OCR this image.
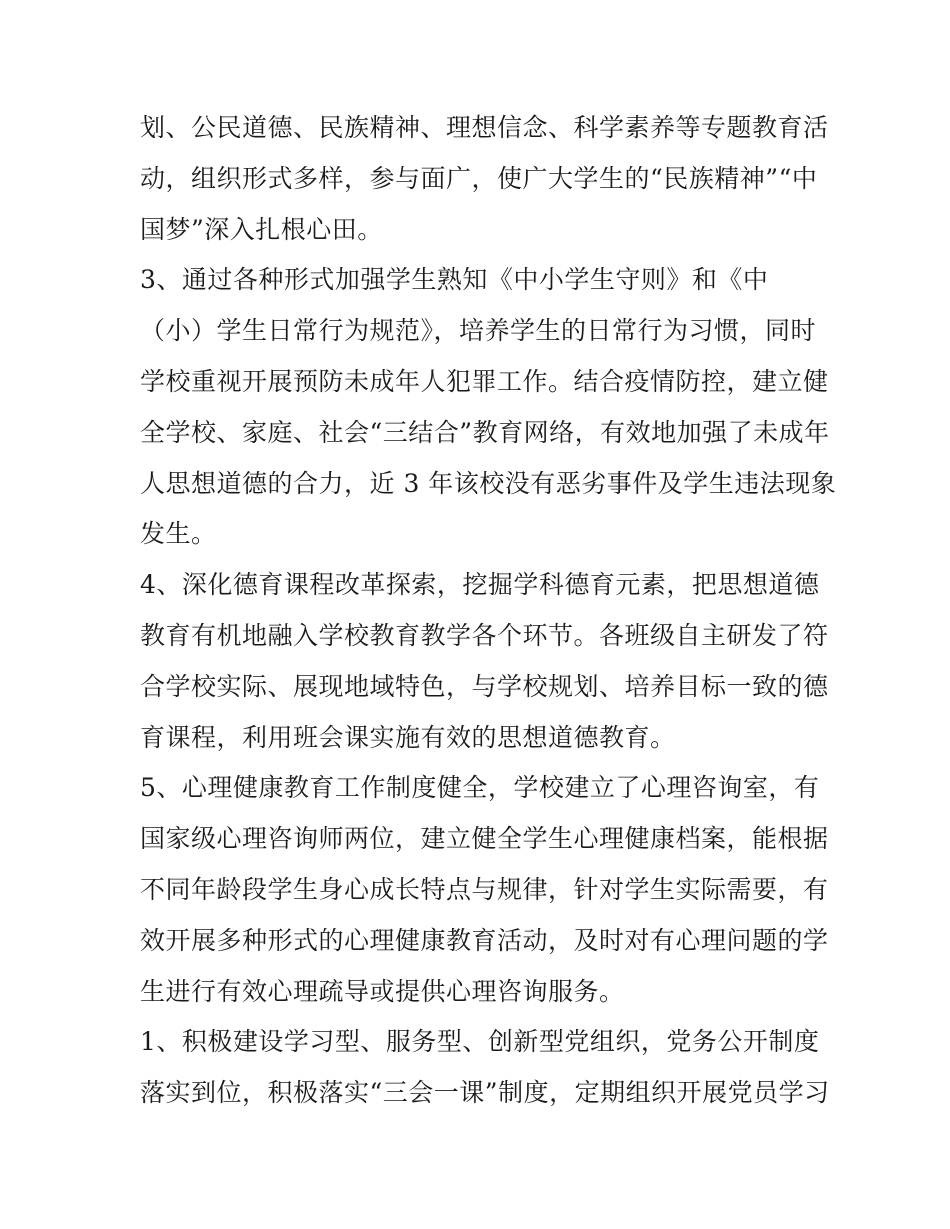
划、公民道德、民族精神、理想信念、科学素养等专题教育活
动，组织形式多样，参与面广，使广大学生的“民族精神”“中
国梦”深入扎根心田。
3、通过各种形式加强学生熟知《中小学生守则》和《中
（小）学生日常行为规范》，培养学生的日常行为习惯，同时
学校重视开展预防未成年人犯罪工作。结合疫情防控，建立健
全学校、家庭、社会“三结合”教育网络，有效地加强了未成年
人思想道德的合力，近 3 年该校没有恶劣事件及学生违法现象
发生。
4、深化德育课程改革探索，挖掘学科德育元素，把思想道德
教育有机地融入学校教育教学各个环节。各班级自主研发了符
合学校实际、展现地域特色，与学校规划、培养目标一致的德
育课程，利用班会课实施有效的思想道德教育。
5、心理健康教育工作制度健全，学校建立了心理咨询室，有
国家级心理咨询师两位，建立健全学生心理健康档案，能根据
不同年龄段学生身心成长特点与规律，针对学生实际需要，有
效开展多种形式的心理健康教育活动，及时对有心理问题的学
生进行有效心理疏导或提供心理咨询服务。
1、积极建设学习型、服务型、创新型党组织，党务公开制度
落实到位，积极落实“三会一课”制度，定期组织开展党员学习
